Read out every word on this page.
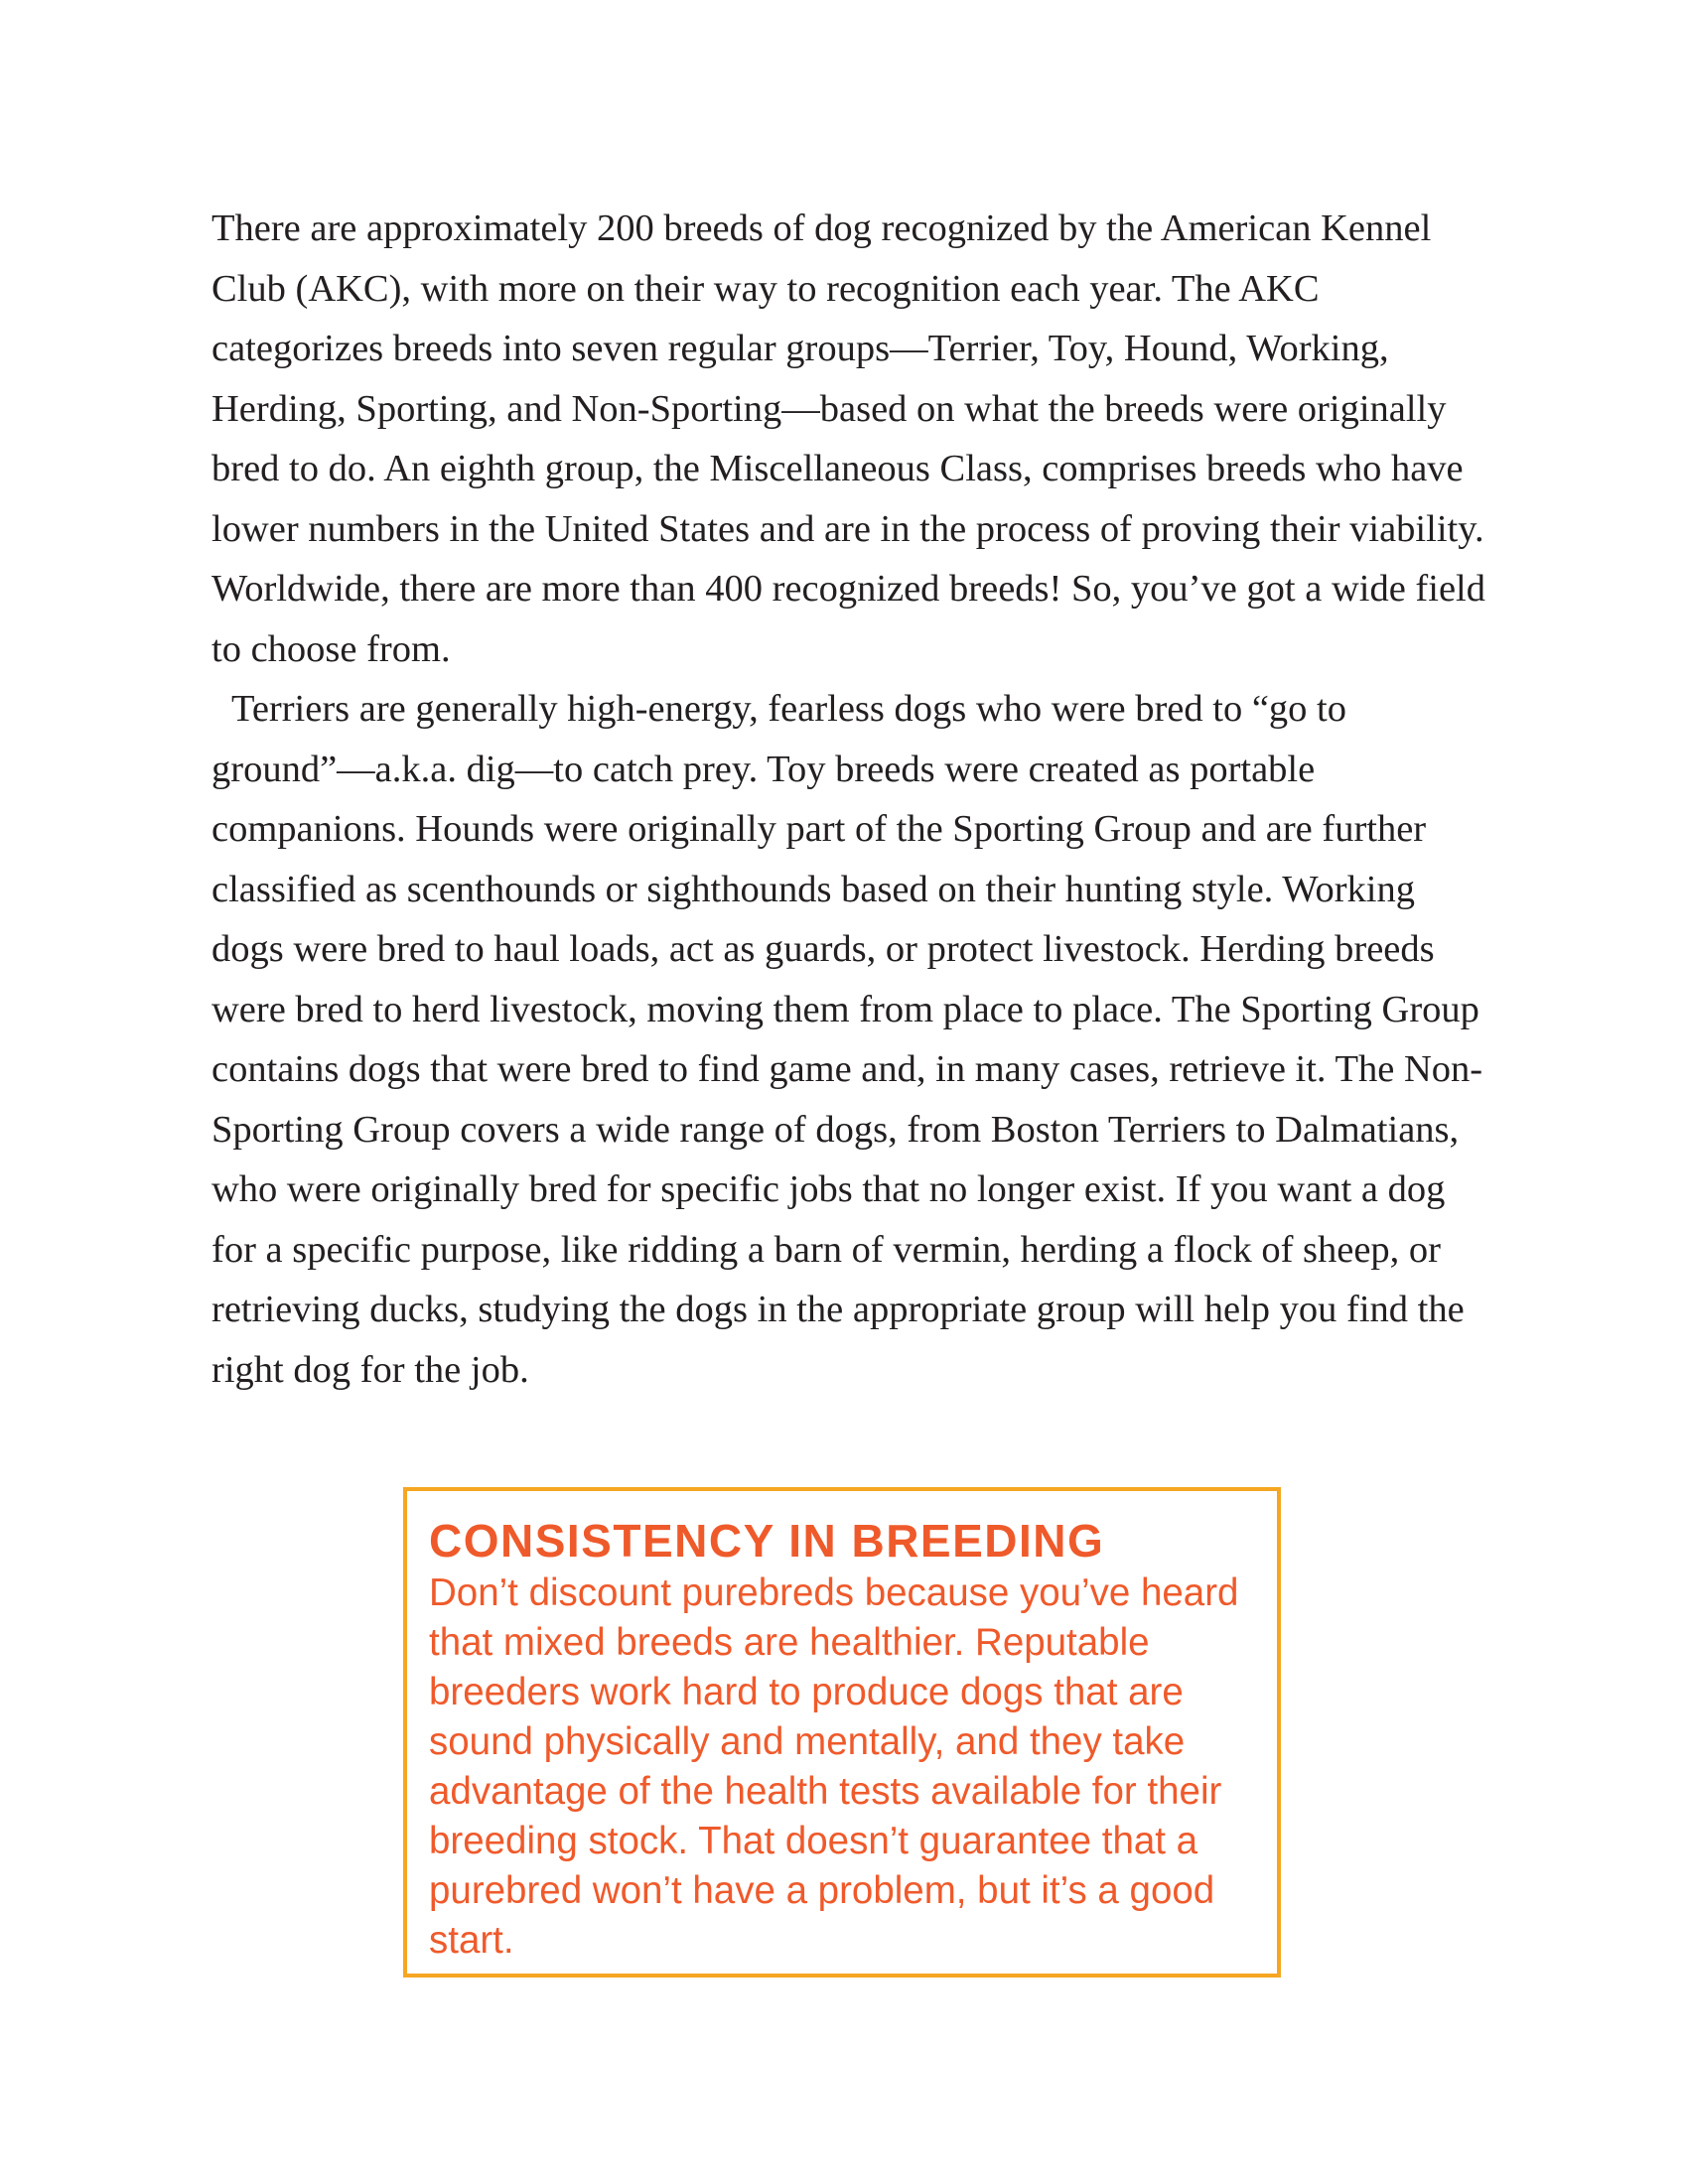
There are approximately 200 breeds of dog recognized by the American Kennel Club (AKC), with more on their way to recognition each year. The AKC categorizes breeds into seven regular groups—Terrier, Toy, Hound, Working, Herding, Sporting, and Non-Sporting—based on what the breeds were originally bred to do. An eighth group, the Miscellaneous Class, comprises breeds who have lower numbers in the United States and are in the process of proving their viability. Worldwide, there are more than 400 recognized breeds! So, you’ve got a wide field to choose from.

Terriers are generally high-energy, fearless dogs who were bred to “go to ground”—a.k.a. dig—to catch prey. Toy breeds were created as portable companions. Hounds were originally part of the Sporting Group and are further classified as scenthounds or sighthounds based on their hunting style. Working dogs were bred to haul loads, act as guards, or protect livestock. Herding breeds were bred to herd livestock, moving them from place to place. The Sporting Group contains dogs that were bred to find game and, in many cases, retrieve it. The Non-Sporting Group covers a wide range of dogs, from Boston Terriers to Dalmatians, who were originally bred for specific jobs that no longer exist. If you want a dog for a specific purpose, like ridding a barn of vermin, herding a flock of sheep, or retrieving ducks, studying the dogs in the appropriate group will help you find the right dog for the job.

CONSISTENCY IN BREEDING

Don’t discount purebreds because you’ve heard that mixed breeds are healthier. Reputable breeders work hard to produce dogs that are sound physically and mentally, and they take advantage of the health tests available for their breeding stock. That doesn’t guarantee that a purebred won’t have a problem, but it’s a good start.
